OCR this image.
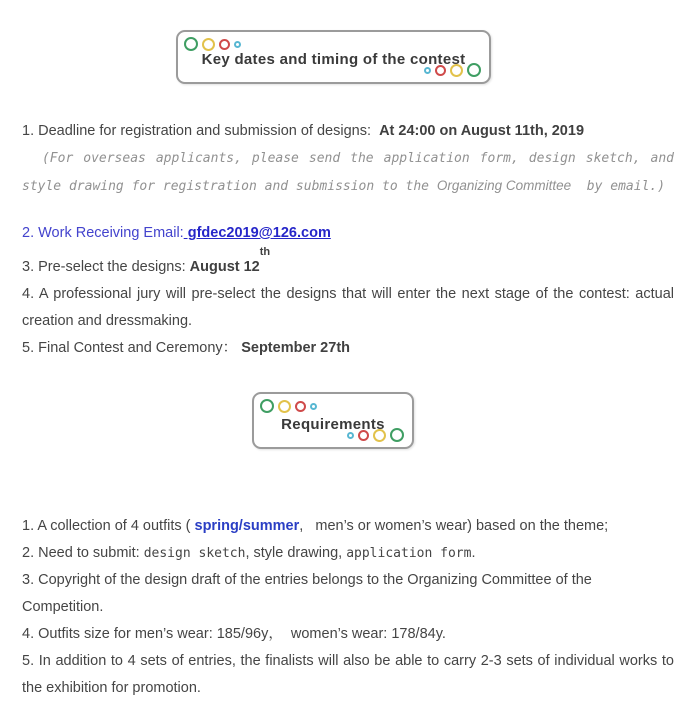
Key dates and timing of the contest

1. Deadline for registration and submission of designs:  At 24:00 on August 11th, 2019

(For overseas applicants, please send the application form, design sketch, and style drawing for registration and submission to the Organizing Committee  by email.)

2. Work Receiving Email: gfdec2019@126.com

3. Pre-select the designs: August 12th

4. A professional jury will pre-select the designs that will enter the next stage of the contest: actual creation and dressmaking.

5. Final Contest and Ceremony： September 27th

Requirements

1. A collection of 4 outfits ( spring/summer,   men’s or women’s wear) based on the theme;

2. Need to submit: design sketch, style drawing, application form.

3. Copyright of the design draft of the entries belongs to the Organizing Committee of the Competition.

4. Outfits size for men’s wear: 185/96y，  women’s wear: 178/84y.

5. In addition to 4 sets of entries, the finalists will also be able to carry 2-3 sets of individual works to the exhibition for promotion.
